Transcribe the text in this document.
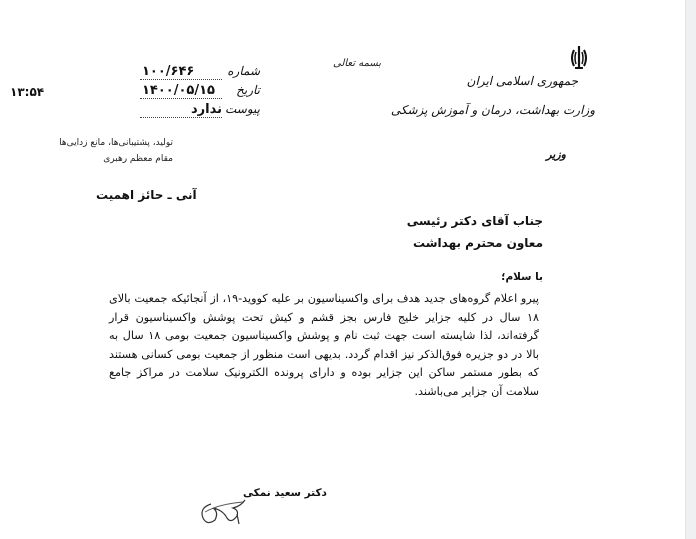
جمهوری اسلامی ایران
وزارت بهداشت، درمان و آموزش پزشکی
وزیر
بسمه تعالی
شماره
۱۰۰/۶۴۶
تاریخ
۱۴۰۰/۰۵/۱۵
پیوست
ندارد
۱۳:۵۴
تولید، پشتیبانی‌ها، مانع زدایی‌ها
مقام معظم رهبری
آنی ـ حائز اهمیت
جناب آقای دکتر رئیسی
معاون محترم بهداشت
با سلام؛

پیرو اعلام گروه‌های جدید هدف برای واکسیناسیون بر علیه کووید-۱۹، از آنجائیکه جمعیت بالای ۱۸ سال در کلیه جزایر خلیج فارس بجز قشم و کیش تحت پوشش واکسیناسیون قرار گرفته‌اند، لذا شایسته است جهت ثبت نام و پوشش واکسیناسیون جمعیت بومی ۱۸ سال به بالا در دو جزیره فوق‌الذکر نیز اقدام گردد. بدیهی است منظور از جمعیت بومی کسانی هستند که بطور مستمر ساکن این جزایر بوده و دارای پرونده الکترونیک سلامت در مراکز جامع سلامت آن جزایر می‌باشند.

دکتر سعید نمکی
